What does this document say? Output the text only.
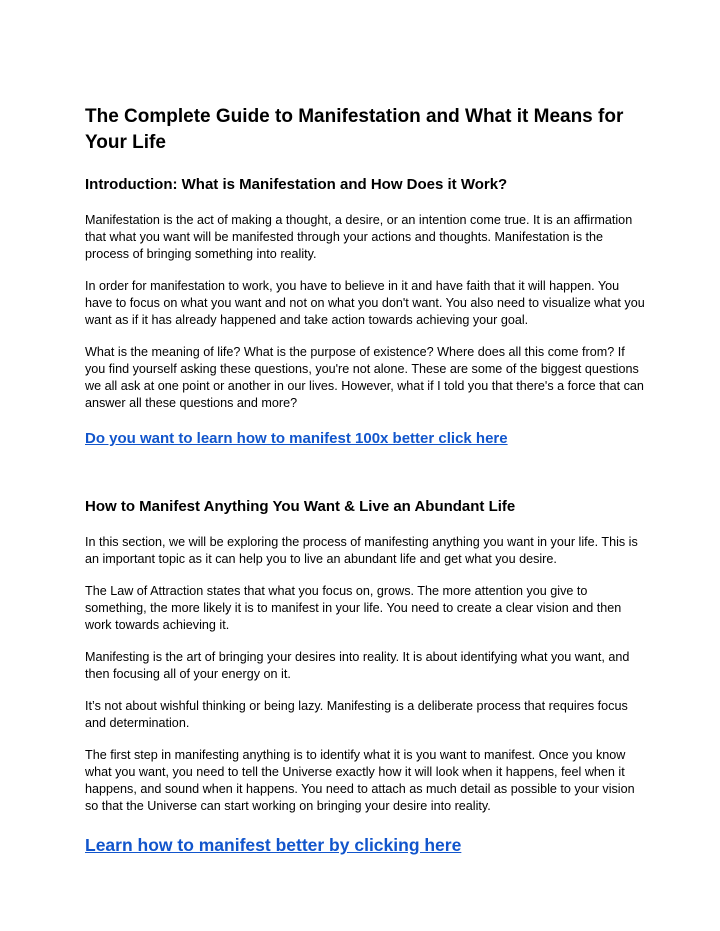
The Complete Guide to Manifestation and What it Means for Your Life
Introduction: What is Manifestation and How Does it Work?

Manifestation is the act of making a thought, a desire, or an intention come true. It is an affirmation that what you want will be manifested through your actions and thoughts. Manifestation is the process of bringing something into reality.

In order for manifestation to work, you have to believe in it and have faith that it will happen. You have to focus on what you want and not on what you don't want. You also need to visualize what you want as if it has already happened and take action towards achieving your goal.

What is the meaning of life? What is the purpose of existence? Where does all this come from? If you find yourself asking these questions, you're not alone. These are some of the biggest questions we all ask at one point or another in our lives. However, what if I told you that there's a force that can answer all these questions and more?

Do you want to learn how to manifest 100x better click here
How to Manifest Anything You Want & Live an Abundant Life

In this section, we will be exploring the process of manifesting anything you want in your life. This is an important topic as it can help you to live an abundant life and get what you desire.

The Law of Attraction states that what you focus on, grows. The more attention you give to something, the more likely it is to manifest in your life. You need to create a clear vision and then work towards achieving it.

Manifesting is the art of bringing your desires into reality. It is about identifying what you want, and then focusing all of your energy on it.

It’s not about wishful thinking or being lazy. Manifesting is a deliberate process that requires focus and determination.

The first step in manifesting anything is to identify what it is you want to manifest. Once you know what you want, you need to tell the Universe exactly how it will look when it happens, feel when it happens, and sound when it happens. You need to attach as much detail as possible to your vision so that the Universe can start working on bringing your desire into reality.

Learn how to manifest better by clicking here
